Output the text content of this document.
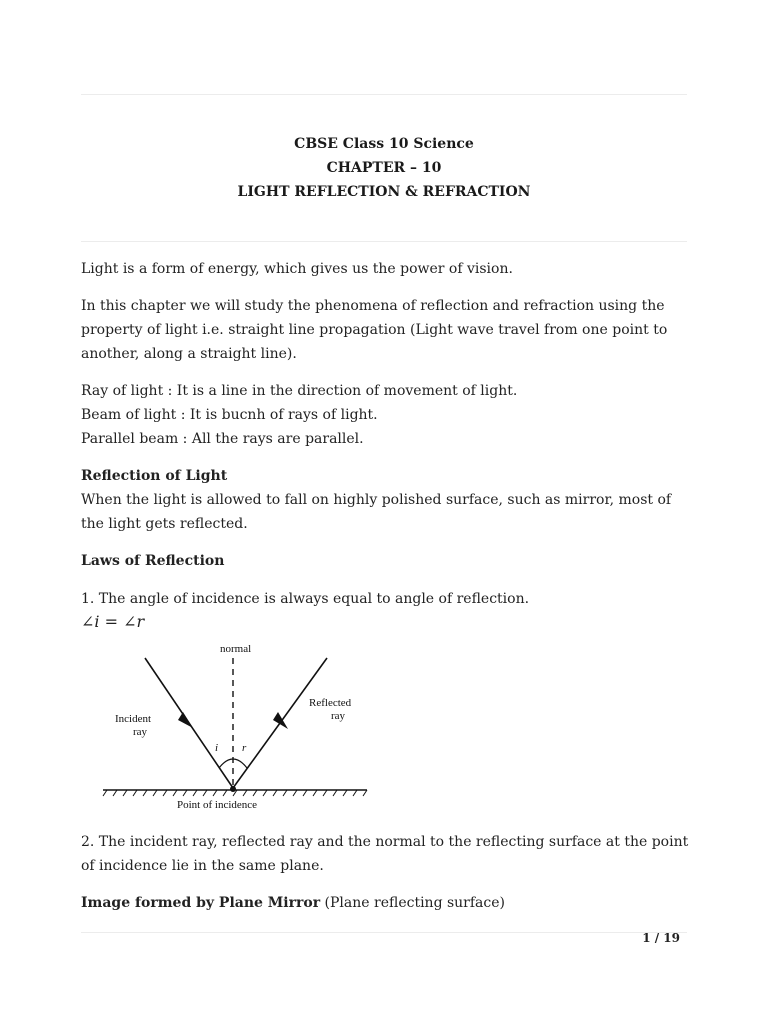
CBSE Class 10 Science
CHAPTER – 10
LIGHT REFLECTION & REFRACTION
Light is a form of energy, which gives us the power of vision.
In this chapter we will study the phenomena of reflection and refraction using the property of light i.e. straight line propagation (Light wave travel from one point to another, along a straight line).
Ray of light : It is a line in the direction of movement of light.
Beam of light : It is bucnh of rays of light.
Parallel beam : All the rays are parallel.
Reflection of Light
When the light is allowed to fall on highly polished surface, such as mirror, most of the light gets reflected.
Laws of Reflection
1. The angle of incidence is always equal to angle of reflection.
∠i = ∠r
normal
Incident
ray
Reflected
ray
i r
Point of incidence
2. The incident ray, reflected ray and the normal to the reflecting surface at the point of incidence lie in the same plane.
Image formed by Plane Mirror (Plane reflecting surface)
1 / 19
